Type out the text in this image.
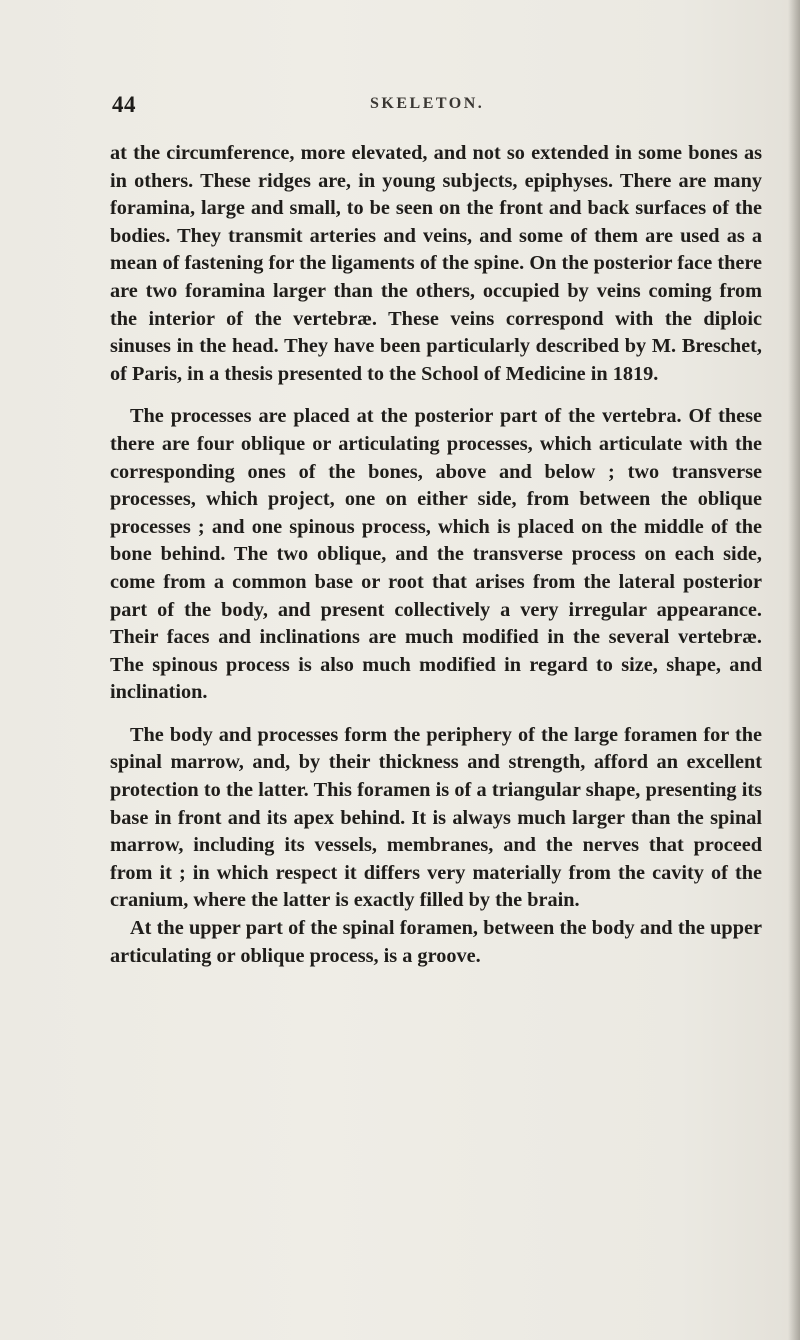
44	SKELETON.

at the circumference, more elevated, and not so extended in some bones as in others. These ridges are, in young subjects, epiphyses. There are many foramina, large and small, to be seen on the front and back surfaces of the bodies. They transmit arteries and veins, and some of them are used as a mean of fastening for the ligaments of the spine. On the posterior face there are two foramina larger than the others, occupied by veins coming from the interior of the vertebræ. These veins correspond with the diploic sinuses in the head. They have been particularly described by M. Breschet, of Paris, in a thesis presented to the School of Medicine in 1819.

The processes are placed at the posterior part of the vertebra. Of these there are four oblique or articulating processes, which articulate with the corresponding ones of the bones, above and below ; two transverse processes, which project, one on either side, from between the oblique processes ; and one spinous process, which is placed on the middle of the bone behind. The two oblique, and the transverse process on each side, come from a common base or root that arises from the lateral posterior part of the body, and present collectively a very irregular appearance. Their faces and inclinations are much modified in the several vertebræ. The spinous process is also much modified in regard to size, shape, and inclination.

The body and processes form the periphery of the large foramen for the spinal marrow, and, by their thickness and strength, afford an excellent protection to the latter. This foramen is of a triangular shape, presenting its base in front and its apex behind. It is always much larger than the spinal marrow, including its vessels, membranes, and the nerves that proceed from it ; in which respect it differs very materially from the cavity of the cranium, where the latter is exactly filled by the brain.

At the upper part of the spinal foramen, between the body and the upper articulating or oblique process, is a groove.
